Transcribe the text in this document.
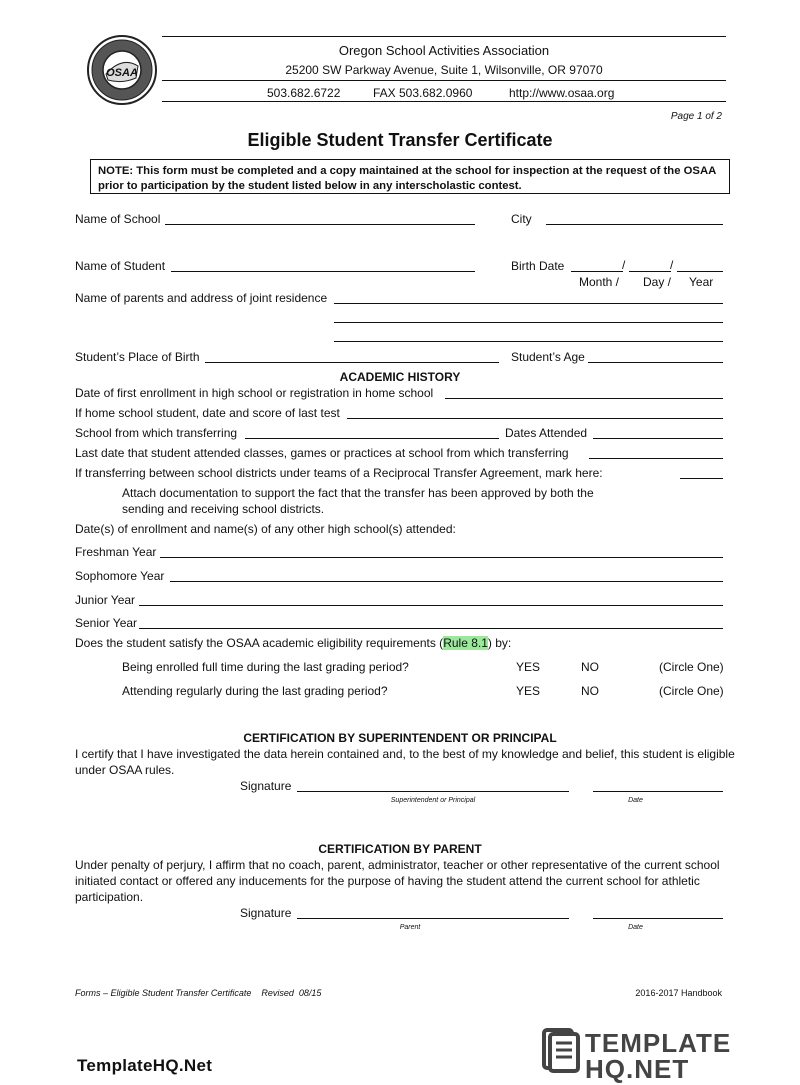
OSAA
Oregon School Activities Association
25200 SW Parkway Avenue, Suite 1, Wilsonville, OR 97070
503.682.6722	FAX 503.682.0960	http://www.osaa.org
Page 1 of 2
Eligible Student Transfer Certificate
NOTE: This form must be completed and a copy maintained at the school for inspection at the request of the OSAA
prior to participation by the student listed below in any interscholastic contest.
Name of School	City
Name of Student	Birth Date	/	/
Month / Day / Year
Name of parents and address of joint residence
Student’s Place of Birth	Student’s Age
ACADEMIC HISTORY
Date of first enrollment in high school or registration in home school
If home school student, date and score of last test
School from which transferring	Dates Attended
Last date that student attended classes, games or practices at school from which transferring
If transferring between school districts under teams of a Reciprocal Transfer Agreement, mark here:
Attach documentation to support the fact that the transfer has been approved by both the
sending and receiving school districts.
Date(s) of enrollment and name(s) of any other high school(s) attended:
Freshman Year
Sophomore Year
Junior Year
Senior Year
Does the student satisfy the OSAA academic eligibility requirements (Rule 8.1) by:
Being enrolled full time during the last grading period?	YES	NO	(Circle One)
Attending regularly during the last grading period?	YES	NO	(Circle One)
CERTIFICATION BY SUPERINTENDENT OR PRINCIPAL
I certify that I have investigated the data herein contained and, to the best of my knowledge and belief, this student is eligible
under OSAA rules.
Signature
Superintendent or Principal	Date
CERTIFICATION BY PARENT
Under penalty of perjury, I affirm that no coach, parent, administrator, teacher or other representative of the current school
initiated contact or offered any inducements for the purpose of having the student attend the current school for athletic
participation.
Signature
Parent	Date
Forms – Eligible Student Transfer Certificate    Revised  08/15	2016-2017 Handbook
TemplateHQ.Net
TEMPLATE
HQ.NET
